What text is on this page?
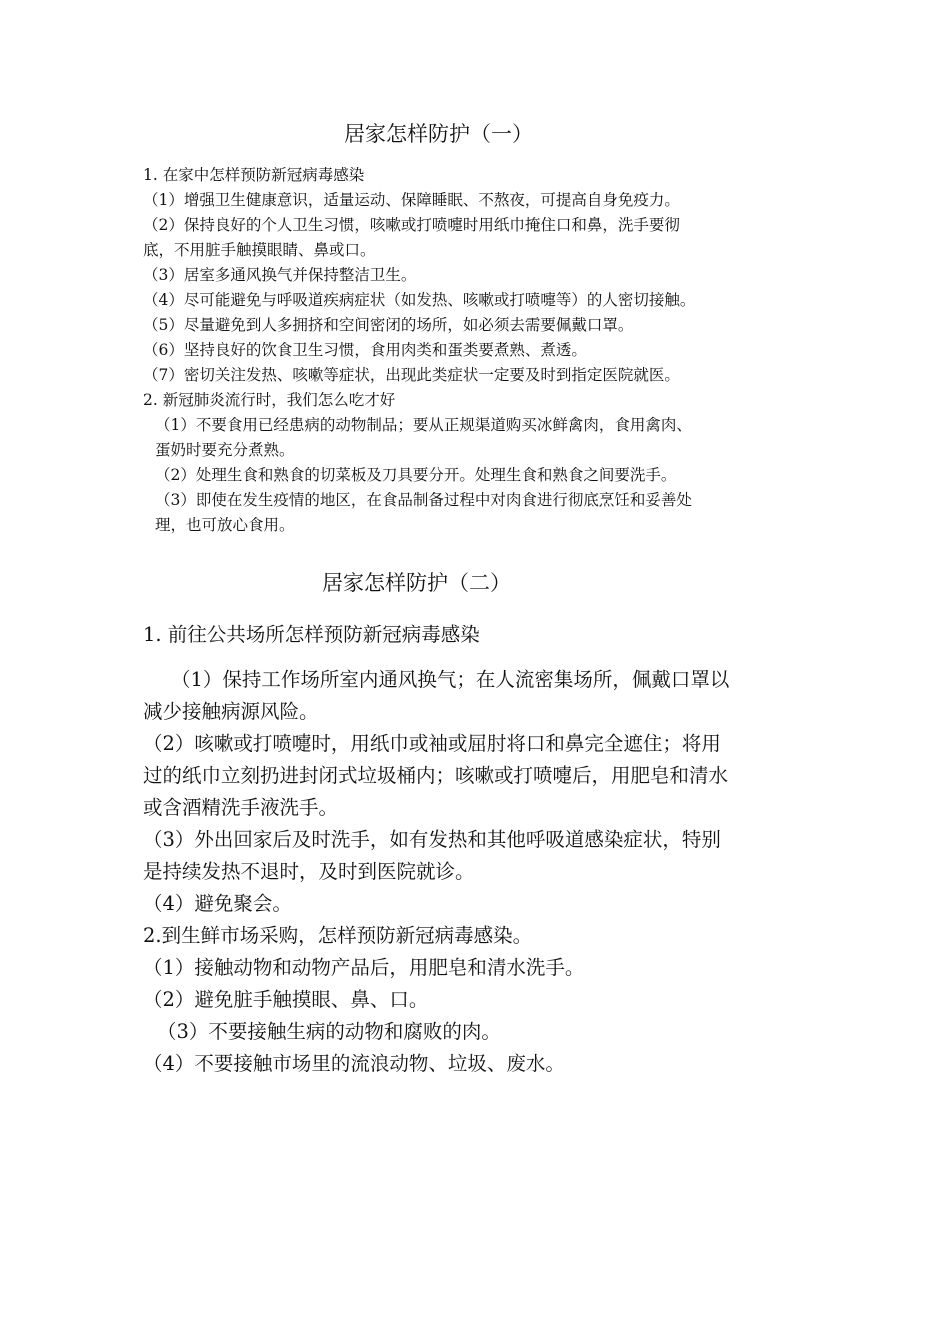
居家怎样防护（一）

1. 在家中怎样预防新冠病毒感染

（1）增强卫生健康意识，适量运动、保障睡眠、不熬夜，可提高自身免疫力。

（2）保持良好的个人卫生习惯，咳嗽或打喷嚏时用纸巾掩住口和鼻，洗手要彻

底，不用脏手触摸眼睛、鼻或口。

（3）居室多通风换气并保持整洁卫生。

（4）尽可能避免与呼吸道疾病症状（如发热、咳嗽或打喷嚏等）的人密切接触。

（5）尽量避免到人多拥挤和空间密闭的场所，如必须去需要佩戴口罩。

（6）坚持良好的饮食卫生习惯，食用肉类和蛋类要煮熟、煮透。

（7）密切关注发热、咳嗽等症状，出现此类症状一定要及时到指定医院就医。

2. 新冠肺炎流行时，我们怎么吃才好

（1）不要食用已经患病的动物制品；要从正规渠道购买冰鲜禽肉，食用禽肉、

蛋奶时要充分煮熟。

（2）处理生食和熟食的切菜板及刀具要分开。处理生食和熟食之间要洗手。

（3）即使在发生疫情的地区，在食品制备过程中对肉食进行彻底烹饪和妥善处

理，也可放心食用。

居家怎样防护（二）

1. 前往公共场所怎样预防新冠病毒感染

（1）保持工作场所室内通风换气；在人流密集场所，佩戴口罩以

减少接触病源风险。

（2）咳嗽或打喷嚏时，用纸巾或袖或屈肘将口和鼻完全遮住；将用

过的纸巾立刻扔进封闭式垃圾桶内；咳嗽或打喷嚏后，用肥皂和清水

或含酒精洗手液洗手。

（3）外出回家后及时洗手，如有发热和其他呼吸道感染症状，特别

是持续发热不退时，及时到医院就诊。

（4）避免聚会。

2.到生鲜市场采购，怎样预防新冠病毒感染。

（1）接触动物和动物产品后，用肥皂和清水洗手。

（2）避免脏手触摸眼、鼻、口。

（3）不要接触生病的动物和腐败的肉。

（4）不要接触市场里的流浪动物、垃圾、废水。
